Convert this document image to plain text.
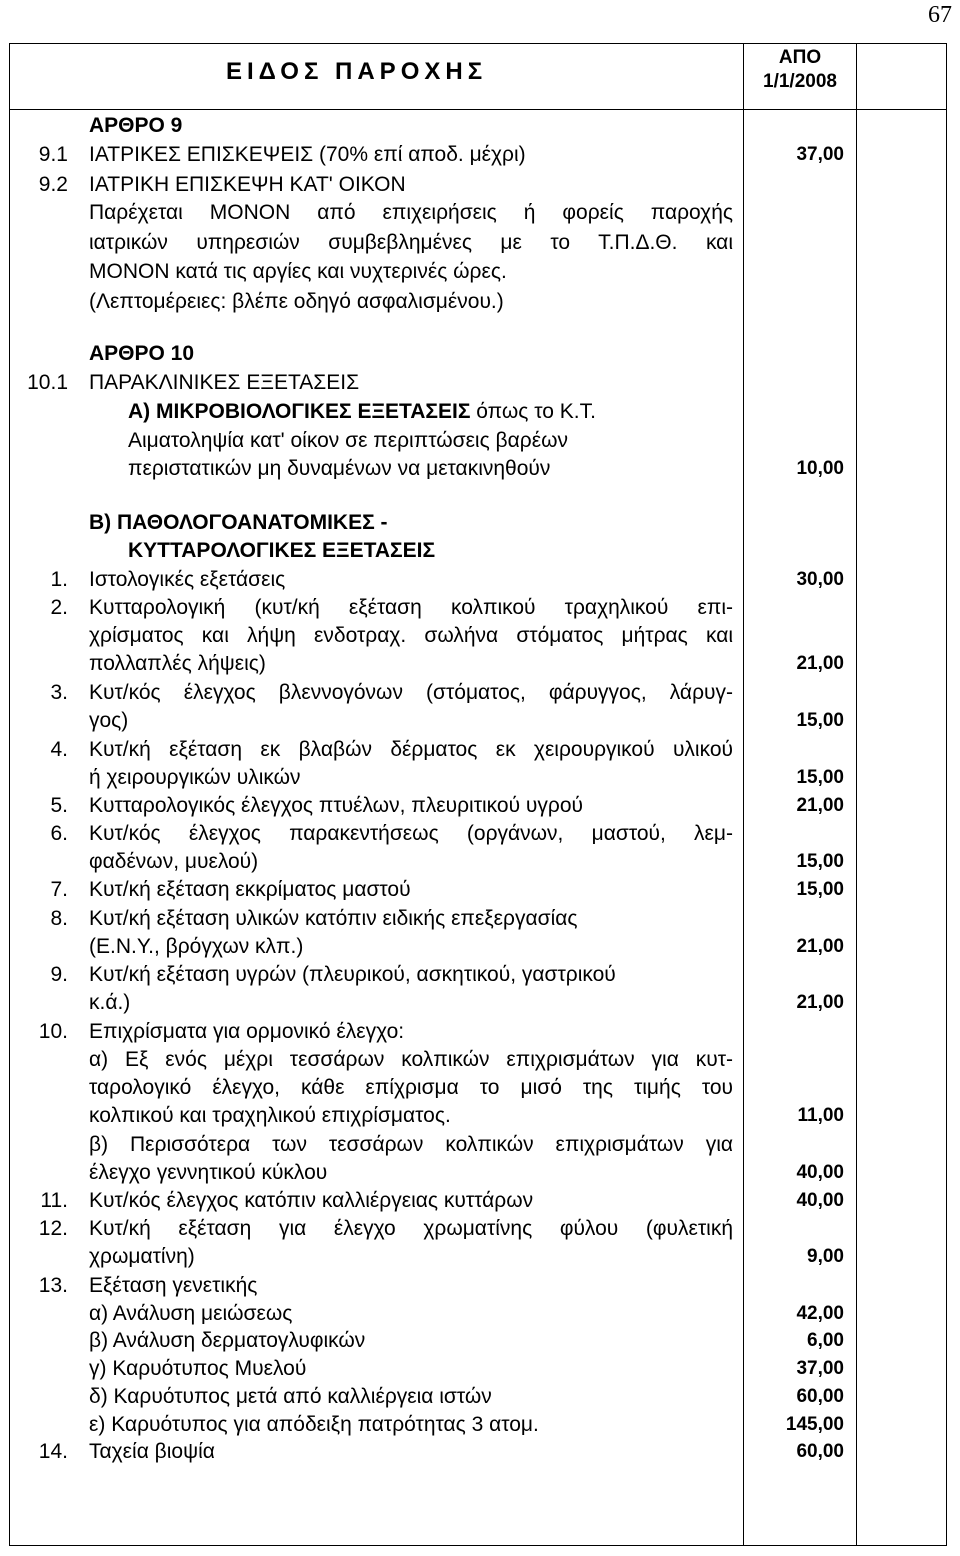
67
ΕΙΔΟΣ ΠΑΡΟΧΗΣ
ΑΠΟ
1/1/2008
ΑΡΘΡΟ 9
9.1 ΙΑΤΡΙΚΕΣ ΕΠΙΣΚΕΨΕΙΣ (70% επί αποδ. μέχρι)	37,00
9.2 ΙΑΤΡΙΚΗ ΕΠΙΣΚΕΨΗ ΚΑΤ' ΟΙΚΟΝ
Παρέχεται ΜΟΝΟΝ από επιχειρήσεις ή φορείς παροχής
ιατρικών υπηρεσιών συμβεβλημένες με το Τ.Π.Δ.Θ. και
ΜΟΝΟΝ κατά τις αργίες και νυχτερινές ώρες.
(Λεπτομέρειες: βλέπε οδηγό ασφαλισμένου.)
ΑΡΘΡΟ 10
10.1 ΠΑΡΑΚΛΙΝΙΚΕΣ ΕΞΕΤΑΣΕΙΣ
Α) ΜΙΚΡΟΒΙΟΛΟΓΙΚΕΣ ΕΞΕΤΑΣΕΙΣ όπως το Κ.Τ.
Αιματοληψία κατ' οίκον σε περιπτώσεις βαρέων
περιστατικών μη δυναμένων να μετακινηθούν	10,00
Β) ΠΑΘΟΛΟΓΟΑΝΑΤΟΜΙΚΕΣ -
ΚΥΤΤΑΡΟΛΟΓΙΚΕΣ ΕΞΕΤΑΣΕΙΣ
1. Ιστολογικές εξετάσεις	30,00
2. Κυτταρολογική (κυτ/κή εξέταση κολπικού τραχηλικού επι-
χρίσματος και λήψη ενδοτραχ. σωλήνα στόματος μήτρας και
πολλαπλές λήψεις)	21,00
3. Κυτ/κός έλεγχος βλεννογόνων (στόματος, φάρυγγος, λάρυγ-
γος)	15,00
4. Κυτ/κή εξέταση εκ βλαβών δέρματος εκ χειρουργικού υλικού
ή χειρουργικών υλικών	15,00
5. Κυτταρολογικός έλεγχος πτυέλων, πλευριτικού υγρού	21,00
6. Κυτ/κός έλεγχος παρακεντήσεως (οργάνων, μαστού, λεμ-
φαδένων, μυελού)	15,00
7. Κυτ/κή εξέταση εκκρίματος μαστού	15,00
8. Κυτ/κή εξέταση υλικών κατόπιν ειδικής επεξεργασίας
(Ε.Ν.Υ., βρόγχων κλπ.)	21,00
9. Κυτ/κή εξέταση υγρών (πλευρικού, ασκητικού, γαστρικού
κ.ά.)	21,00
10. Επιχρίσματα για ορμονικό έλεγχο:
α) Εξ ενός μέχρι τεσσάρων κολπικών επιχρισμάτων για κυτ-
ταρολογικό έλεγχο, κάθε επίχρισμα το μισό της τιμής του
κολπικού και τραχηλικού επιχρίσματος.	11,00
β) Περισσότερα των τεσσάρων κολπικών επιχρισμάτων για
έλεγχο γεννητικού κύκλου	40,00
11. Κυτ/κός έλεγχος κατόπιν καλλιέργειας κυττάρων	40,00
12. Κυτ/κή εξέταση για έλεγχο χρωματίνης φύλου (φυλετική
χρωματίνη)	9,00
13. Εξέταση γενετικής
α) Ανάλυση μειώσεως	42,00
β) Ανάλυση δερματογλυφικών	6,00
γ) Καρυότυπος Μυελού	37,00
δ) Καρυότυπος μετά από καλλιέργεια ιστών	60,00
ε) Καρυότυπος για απόδειξη πατρότητας 3 ατομ.	145,00
14. Ταχεία βιοψία	60,00
